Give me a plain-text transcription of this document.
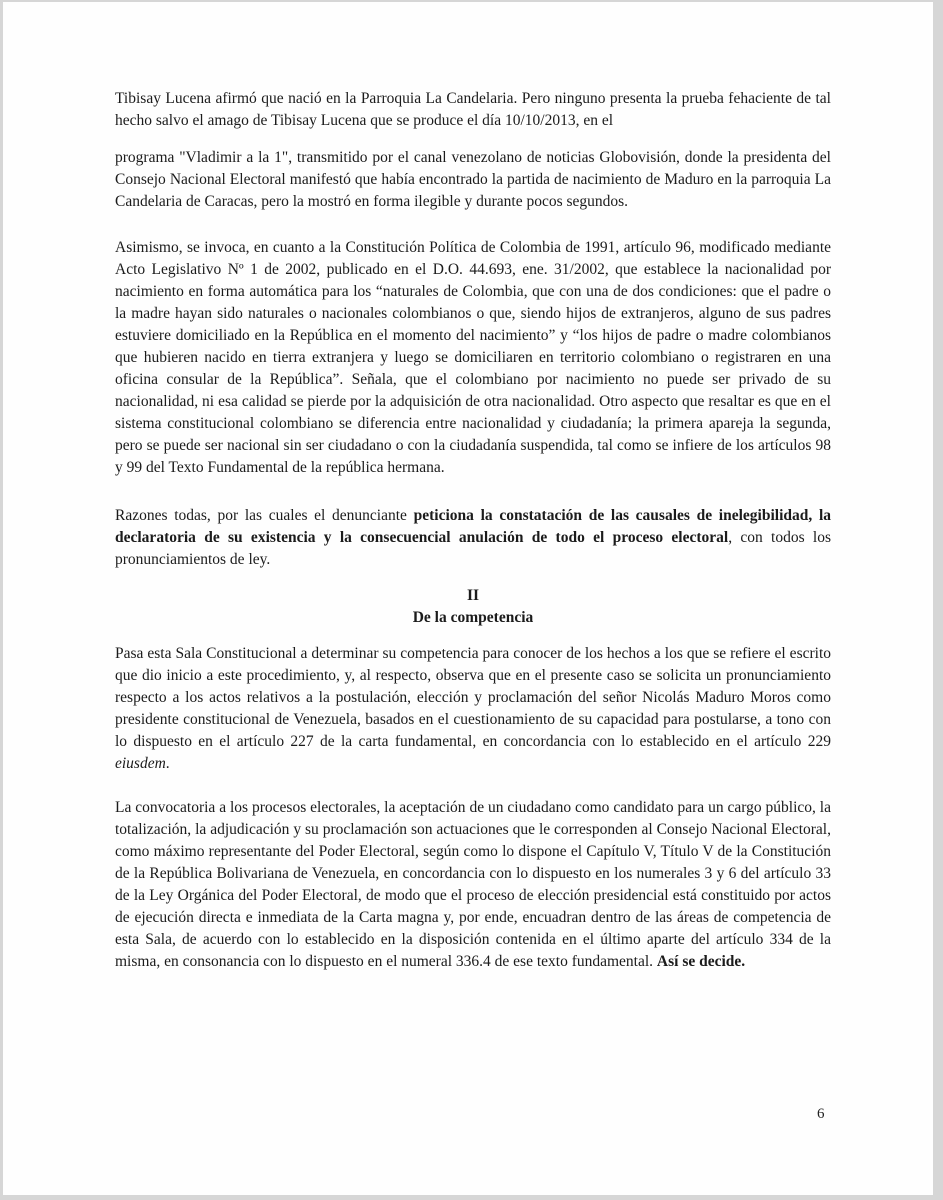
Tibisay Lucena afirmó que nació en la Parroquia La Candelaria. Pero ninguno presenta la prueba fehaciente de tal hecho salvo el amago de Tibisay Lucena que se produce el día 10/10/2013, en el

programa "Vladimir a la 1", transmitido por el canal venezolano de noticias Globovisión, donde la presidenta del Consejo Nacional Electoral manifestó que había encontrado la partida de nacimiento de Maduro en la parroquia La Candelaria de Caracas, pero la mostró en forma ilegible y durante pocos segundos.

Asimismo, se invoca, en cuanto a la Constitución Política de Colombia de 1991, artículo 96, modificado mediante Acto Legislativo Nº 1 de 2002, publicado en el D.O. 44.693, ene. 31/2002, que establece la nacionalidad por nacimiento en forma automática para los “naturales de Colombia, que con una de dos condiciones: que el padre o la madre hayan sido naturales o nacionales colombianos o que, siendo hijos de extranjeros, alguno de sus padres estuviere domiciliado en la República en el momento del nacimiento” y “los hijos de padre o madre colombianos que hubieren nacido en tierra extranjera y luego se domiciliaren en territorio colombiano o registraren en una oficina consular de la República”. Señala, que el colombiano por nacimiento no puede ser privado de su nacionalidad, ni esa calidad se pierde por la adquisición de otra nacionalidad. Otro aspecto que resaltar es que en el sistema constitucional colombiano se diferencia entre nacionalidad y ciudadanía; la primera apareja la segunda, pero se puede ser nacional sin ser ciudadano o con la ciudadanía suspendida, tal como se infiere de los artículos 98 y 99 del Texto Fundamental de la república hermana.

Razones todas, por las cuales el denunciante peticiona la constatación de las causales de inelegibilidad, la declaratoria de su existencia y la consecuencial anulación de todo el proceso electoral, con todos los pronunciamientos de ley.

II
De la competencia

Pasa esta Sala Constitucional a determinar su competencia para conocer de los hechos a los que se refiere el escrito que dio inicio a este procedimiento, y, al respecto, observa que en el presente caso se solicita un pronunciamiento respecto a los actos relativos a la postulación, elección y proclamación del señor Nicolás Maduro Moros como presidente constitucional de Venezuela, basados en el cuestionamiento de su capacidad para postularse, a tono con lo dispuesto en el artículo 227 de la carta fundamental, en concordancia con lo establecido en el artículo 229 eiusdem.

La convocatoria a los procesos electorales, la aceptación de un ciudadano como candidato para un cargo público, la totalización, la adjudicación y su proclamación son actuaciones que le corresponden al Consejo Nacional Electoral, como máximo representante del Poder Electoral, según como lo dispone el Capítulo V, Título V de la Constitución de la República Bolivariana de Venezuela, en concordancia con lo dispuesto en los numerales 3 y 6 del artículo 33 de la Ley Orgánica del Poder Electoral, de modo que el proceso de elección presidencial está constituido por actos de ejecución directa e inmediata de la Carta magna y, por ende, encuadran dentro de las áreas de competencia de esta Sala, de acuerdo con lo establecido en la disposición contenida en el último aparte del artículo 334 de la misma, en consonancia con lo dispuesto en el numeral 336.4 de ese texto fundamental. Así se decide.

6
